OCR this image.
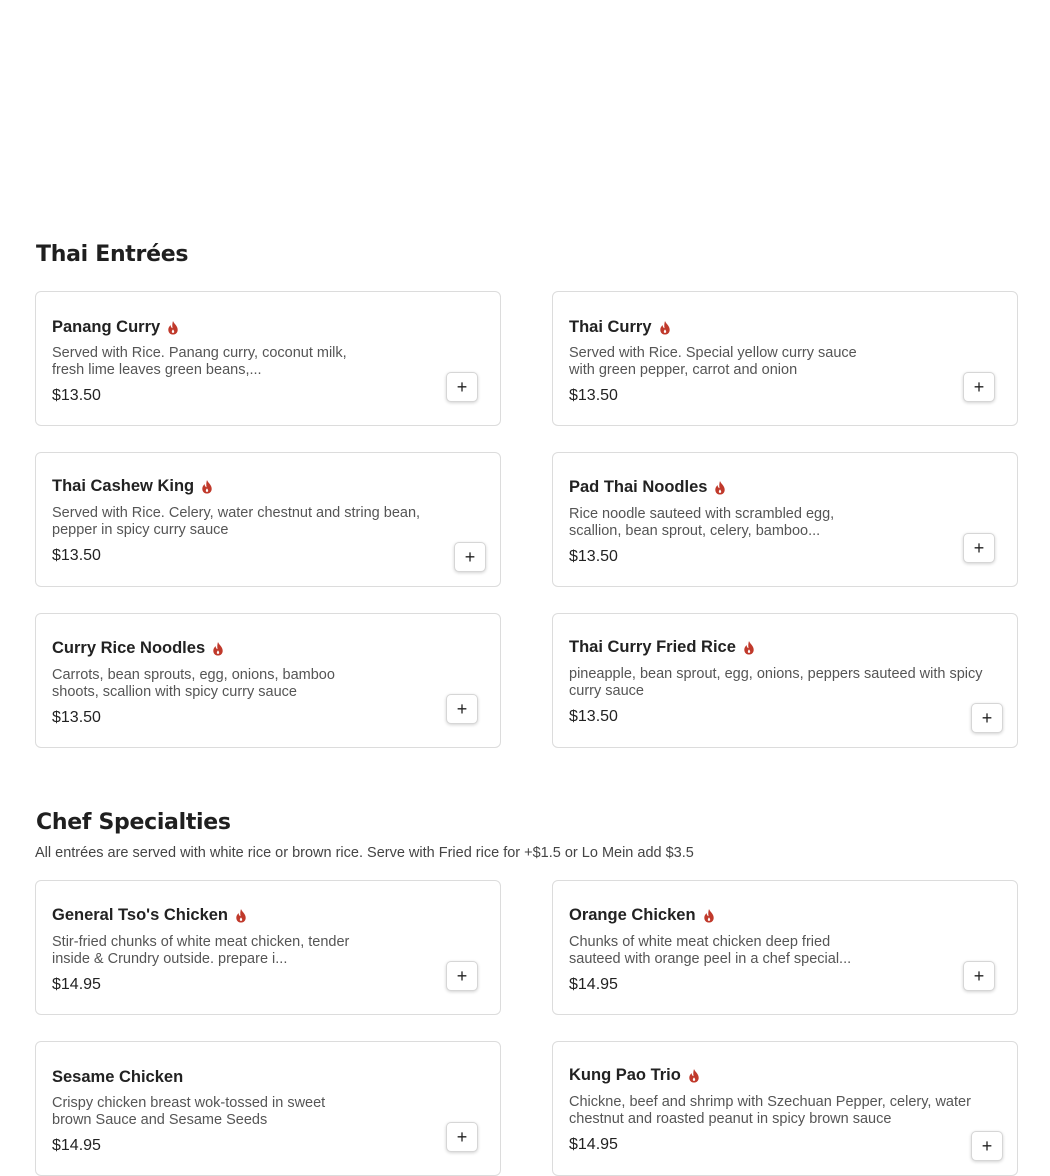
Thai Entrées
Panang Curry
Served with Rice. Panang curry, coconut milk, fresh lime leaves green beans,...
$13.50	+
Thai Curry
Served with Rice. Special yellow curry sauce with green pepper, carrot and onion
$13.50	+
Thai Cashew King
Served with Rice. Celery, water chestnut and string bean, pepper in spicy curry sauce
$13.50	+
Pad Thai Noodles
Rice noodle sauteed with scrambled egg, scallion, bean sprout, celery, bamboo...
$13.50	+
Curry Rice Noodles
Carrots, bean sprouts, egg, onions, bamboo shoots, scallion with spicy curry sauce
$13.50	+
Thai Curry Fried Rice
pineapple, bean sprout, egg, onions, peppers sauteed with spicy curry sauce
$13.50	+
Chef Specialties
All entrées are served with white rice or brown rice. Serve with Fried rice for +$1.5 or Lo Mein add $3.5
General Tso's Chicken
Stir-fried chunks of white meat chicken, tender inside & Crundry outside. prepare i...
$14.95	+
Orange Chicken
Chunks of white meat chicken deep fried sauteed with orange peel in a chef special...
$14.95	+
Sesame Chicken
Crispy chicken breast wok-tossed in sweet brown Sauce and Sesame Seeds
$14.95	+
Kung Pao Trio
Chickne, beef and shrimp with Szechuan Pepper, celery, water chestnut and roasted peanut in spicy brown sauce
$14.95	+
